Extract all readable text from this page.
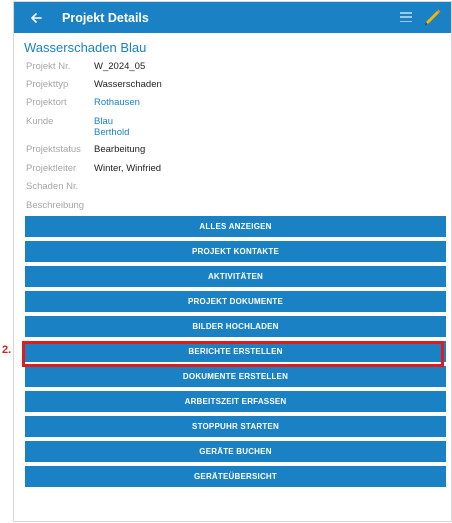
Projekt Details
Wasserschaden Blau
Projekt Nr. W_2024_05
Projekttyp	Wasserschaden
Projektort	Rothausen
Kunde	Blau
Berthold
Projektstatus Bearbeitung
Projektleiter Winter, Winfried
Schaden Nr.
Beschreibung
ALLES ANZEIGEN
PROJEKT KONTAKTE
AKTIVITÄTEN
PROJEKT DOKUMENTE
BILDER HOCHLADEN
BERICHTE ERSTELLEN
DOKUMENTE ERSTELLEN
ARBEITSZEIT ERFASSEN
STOPPUHR STARTEN
GERÄTE BUCHEN
GERÄTEÜBERSICHT
2.
